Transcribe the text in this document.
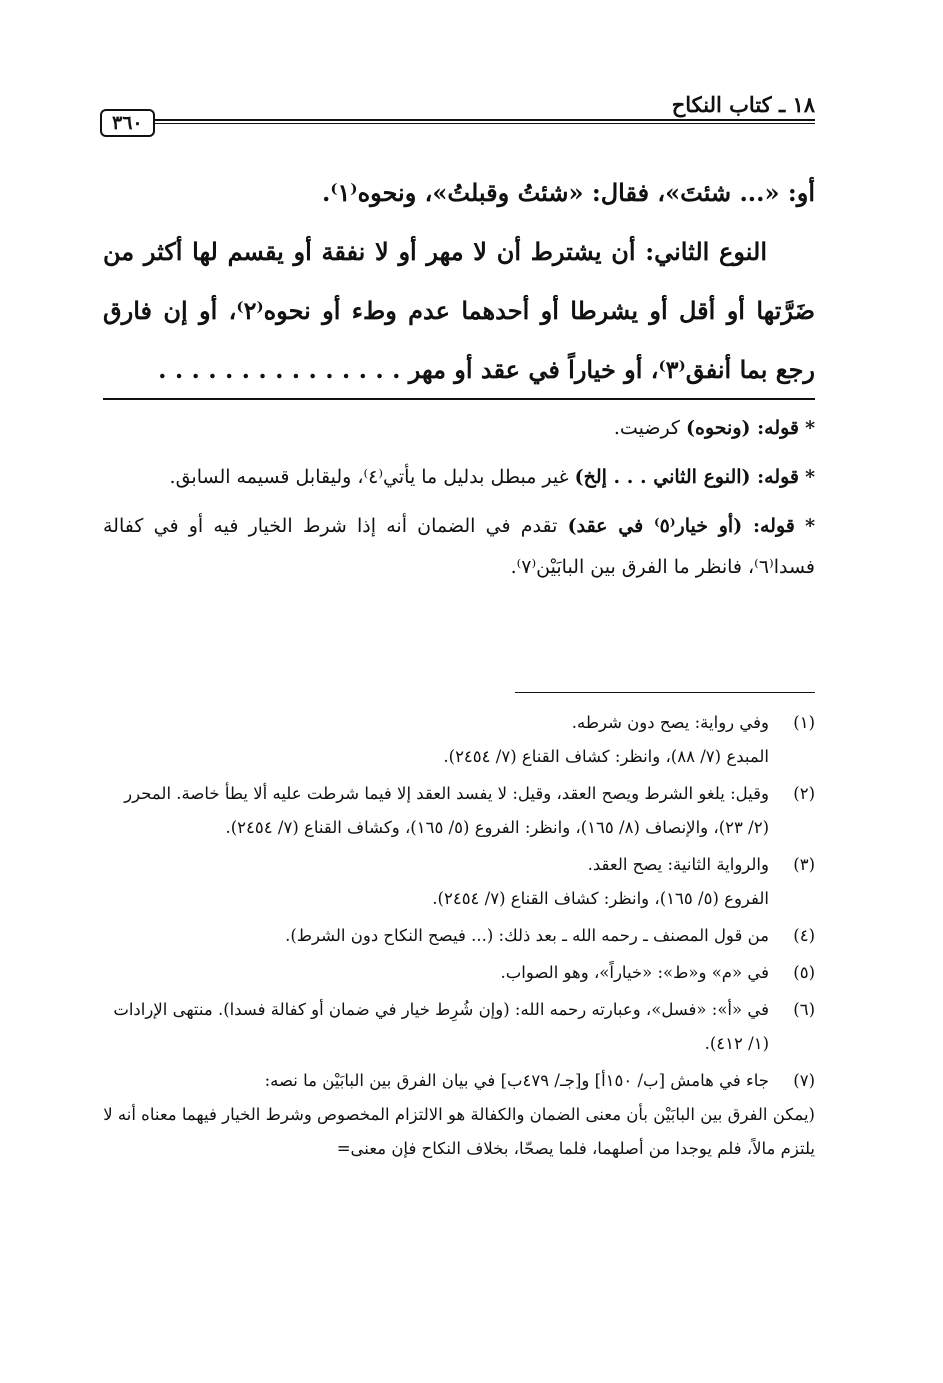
١٨ ـ كتاب النكاح
٣٦٠

أو: «... شئتَ»، فقال: «شئتُ وقبلتُ»، ونحوه⁽١⁾.

النوع الثاني: أن يشترط أن لا مهر أو لا نفقة أو يقسم لها أكثر من ضَرَّتها أو أقل أو يشرطا أو أحدهما عدم وطء أو نحوه⁽٢⁾، أو إن فارق رجع بما أنفق⁽٣⁾، أو خياراً في عقد أو مهر . . . . . . . . . . . . . . .

* قوله: (ونحوه) كرضيت.

* قوله: (النوع الثاني . . . إلخ) غير مبطل بدليل ما يأتي⁽٤⁾، وليقابل قسيمه السابق.

* قوله: (أو خيار⁽٥⁾ في عقد) تقدم في الضمان أنه إذا شرط الخيار فيه أو في كفالة فسدا⁽٦⁾، فانظر ما الفرق بين البابَيْن⁽٧⁾.

(١)
وفي رواية: يصح دون شرطه.
المبدع (٧/ ٨٨)، وانظر: كشاف القناع (٧/ ٢٤٥٤).
(٢)
وقيل: يلغو الشرط ويصح العقد، وقيل: لا يفسد العقد إلا فيما شرطت عليه ألا يطأ خاصة. المحرر (٢/ ٢٣)، والإنصاف (٨/ ١٦٥)، وانظر: الفروع (٥/ ١٦٥)، وكشاف القناع (٧/ ٢٤٥٤).
(٣)
والرواية الثانية: يصح العقد.
الفروع (٥/ ١٦٥)، وانظر: كشاف القناع (٧/ ٢٤٥٤).
(٤)
من قول المصنف ـ رحمه الله ـ بعد ذلك: (... فيصح النكاح دون الشرط).
(٥)
في «م» و«ط»: «خياراً»، وهو الصواب.
(٦)
في «أ»: «فسل»، وعبارته رحمه الله: (وإن شُرِط خيار في ضمان أو كفالة فسدا). منتهى الإرادات (١/ ٤١٢).
(٧)
جاء في هامش [ب/ ١٥٠أ] و[جـ/ ٤٧٩ب] في بيان الفرق بين البابَيْن ما نصه:
(يمكن الفرق بين البابَيْن بأن معنى الضمان والكفالة هو الالتزام المخصوص وشرط الخيار فيهما معناه أنه لا يلتزم مالاً، فلم يوجدا من أصلهما، فلما يصحّا، بخلاف النكاح فإن معنى=
